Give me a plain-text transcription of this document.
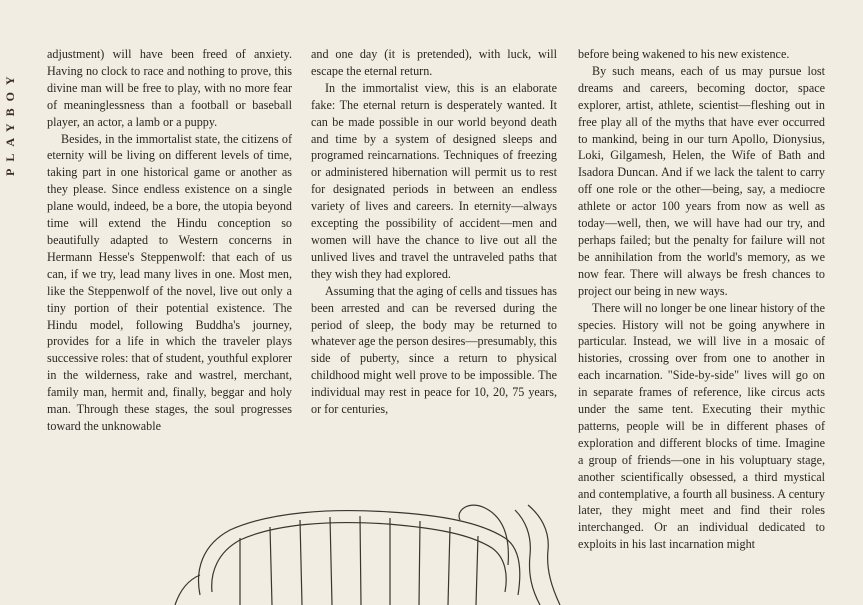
PLAYBOY

adjustment) will have been freed of anxiety. Having no clock to race and nothing to prove, this divine man will be free to play, with no more fear of meaninglessness than a football or baseball player, an actor, a lamb or a puppy.

Besides, in the immortalist state, the citizens of eternity will be living on different levels of time, taking part in one historical game or another as they please. Since endless existence on a single plane would, indeed, be a bore, the utopia beyond time will extend the Hindu conception so beautifully adapted to Western concerns in Hermann Hesse's Steppenwolf: that each of us can, if we try, lead many lives in one. Most men, like the Steppenwolf of the novel, live out only a tiny portion of their potential existence. The Hindu model, following Buddha's journey, provides for a life in which the traveler plays successive roles: that of student, youthful explorer in the wilderness, rake and wastrel, merchant, family man, hermit and, finally, beggar and holy man. Through these stages, the soul progresses toward the unknowable

and one day (it is pretended), with luck, will escape the eternal return.

In the immortalist view, this is an elaborate fake: The eternal return is desperately wanted. It can be made possible in our world beyond death and time by a system of designed sleeps and programed reincarnations. Techniques of freezing or administered hibernation will permit us to rest for designated periods in between an endless variety of lives and careers. In eternity—always excepting the possibility of accident—men and women will have the chance to live out all the unlived lives and travel the untraveled paths that they wish they had explored.

Assuming that the aging of cells and tissues has been arrested and can be reversed during the period of sleep, the body may be returned to whatever age the person desires—presumably, this side of puberty, since a return to physical childhood might well prove to be impossible. The individual may rest in peace for 10, 20, 75 years, or for centuries,

before being wakened to his new existence.

By such means, each of us may pursue lost dreams and careers, becoming doctor, space explorer, artist, athlete, scientist—fleshing out in free play all of the myths that have ever occurred to mankind, being in our turn Apollo, Dionysius, Loki, Gilgamesh, Helen, the Wife of Bath and Isadora Duncan. And if we lack the talent to carry off one role or the other—being, say, a mediocre athlete or actor 100 years from now as well as today—well, then, we will have had our try, and perhaps failed; but the penalty for failure will not be annihilation from the world's memory, as we now fear. There will always be fresh chances to project our being in new ways.

There will no longer be one linear history of the species. History will not be going anywhere in particular. Instead, we will live in a mosaic of histories, crossing over from one to another in each incarnation. "Side-by-side" lives will go on in separate frames of reference, like circus acts under the same tent. Executing their mythic patterns, people will be in different phases of exploration and different blocks of time. Imagine a group of friends—one in his voluptuary stage, another scientifically obsessed, a third mystical and contemplative, a fourth all business. A century later, they might meet and find their roles interchanged. Or an individual dedicated to exploits in his last incarnation might
